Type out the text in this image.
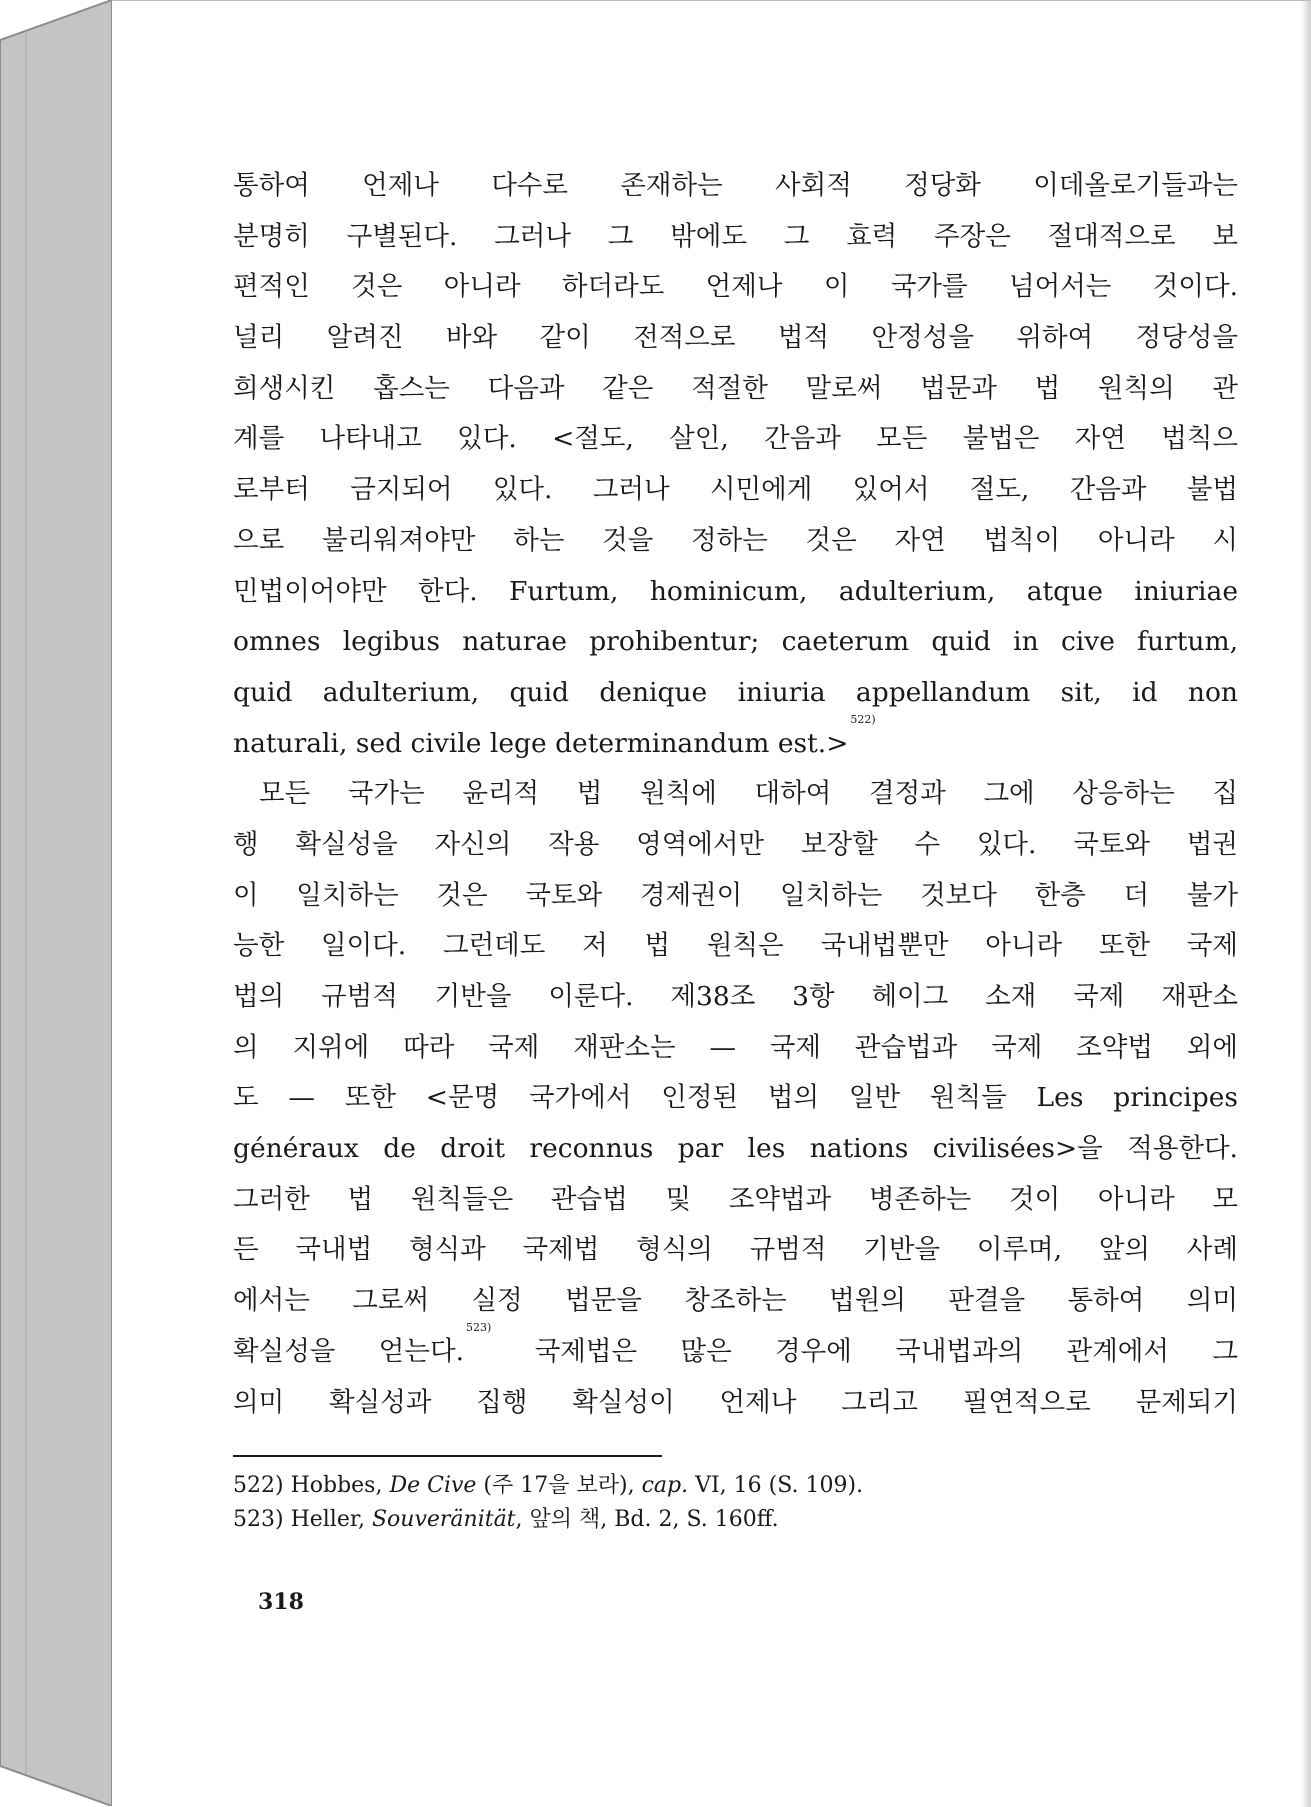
통하여 언제나 다수로 존재하는 사회적 정당화 이데올로기들과는
분명히 구별된다. 그러나 그 밖에도 그 효력 주장은 절대적으로 보
편적인 것은 아니라 하더라도 언제나 이 국가를 넘어서는 것이다.
널리 알려진 바와 같이 전적으로 법적 안정성을 위하여 정당성을
희생시킨 홉스는 다음과 같은 적절한 말로써 법문과 법 원칙의 관
계를 나타내고 있다. <절도, 살인, 간음과 모든 불법은 자연 법칙으
로부터 금지되어 있다. 그러나 시민에게 있어서 절도, 간음과 불법
으로 불리워져야만 하는 것을 정하는 것은 자연 법칙이 아니라 시
민법이어야만 한다. Furtum, hominicum, adulterium, atque iniuriae
omnes legibus naturae prohibentur; caeterum quid in cive furtum,
quid adulterium, quid denique iniuria appellandum sit, id non
naturali, sed civile lege determinandum est.>$^{522)}$
모든 국가는 윤리적 법 원칙에 대하여 결정과 그에 상응하는 집
행 확실성을 자신의 작용 영역에서만 보장할 수 있다. 국토와 법권
이 일치하는 것은 국토와 경제권이 일치하는 것보다 한층 더 불가
능한 일이다. 그런데도 저 법 원칙은 국내법뿐만 아니라 또한 국제
법의 규범적 기반을 이룬다. 제38조 3항 헤이그 소재 국제 재판소
의 지위에 따라 국제 재판소는 — 국제 관습법과 국제 조약법 외에
도 — 또한 <문명 국가에서 인정된 법의 일반 원칙들 Les principes
généraux de droit reconnus par les nations civilisées>을 적용한다.
그러한 법 원칙들은 관습법 및 조약법과 병존하는 것이 아니라 모
든 국내법 형식과 국제법 형식의 규범적 기반을 이루며, 앞의 사례
에서는 그로써 실정 법문을 창조하는 법원의 판결을 통하여 의미
확실성을 얻는다.$^{523)}$ 국제법은 많은 경우에 국내법과의 관계에서 그
의미 확실성과 집행 확실성이 언제나 그리고 필연적으로 문제되기
522) Hobbes, De Cive (주 17을 보라), cap. VI, 16 (S. 109).
523) Heller, Souveränität, 앞의 책, Bd. 2, S. 160ff.
318
